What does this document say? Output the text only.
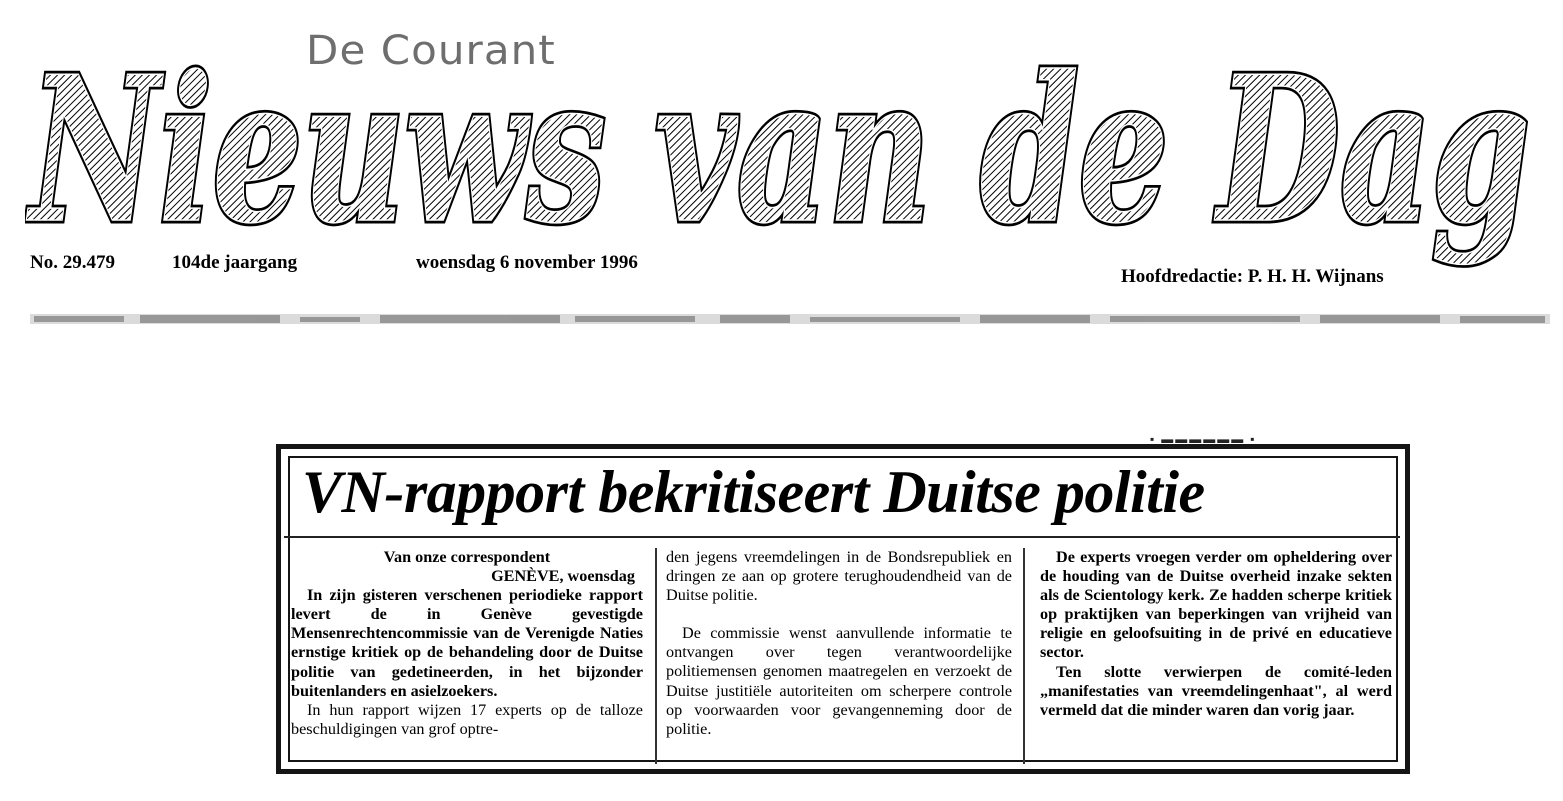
Nieuws van de Dag
Nieuws van de Dag
De Courant
No. 29.479	104de jaargang	woensdag 6 november 1996
Hoofdredactie: P. H. H. Wijnans
▪ ▬▬▬▬▬▬ ▪
VN-rapport bekritiseert Duitse politie
Van onze correspondent
GENÈVE, woensdag

In zijn gisteren verschenen periodieke rapport levert de in Genève gevestigde Mensenrechtencommissie van de Verenigde Naties ernstige kritiek op de behandeling door de Duitse politie van gedetineerden, in het bijzonder buitenlanders en asielzoekers.

In hun rapport wijzen 17 experts op de talloze beschuldigingen van grof optre-

den jegens vreemdelingen in de Bondsrepubliek en dringen ze aan op grotere terughoudendheid van de Duitse politie.

De commissie wenst aanvullende informatie te ontvangen over tegen verantwoordelijke politiemensen genomen maatregelen en verzoekt de Duitse justitiële autoriteiten om scherpere controle op voorwaarden voor gevangenneming door de politie.

De experts vroegen verder om opheldering over de houding van de Duitse overheid inzake sekten als de Scientology kerk. Ze hadden scherpe kritiek op praktijken van beperkingen van vrijheid van religie en geloofsuiting in de privé en educatieve sector.

Ten slotte verwierpen de comité-leden „manifestaties van vreemdelingenhaat", al werd vermeld dat die minder waren dan vorig jaar.
